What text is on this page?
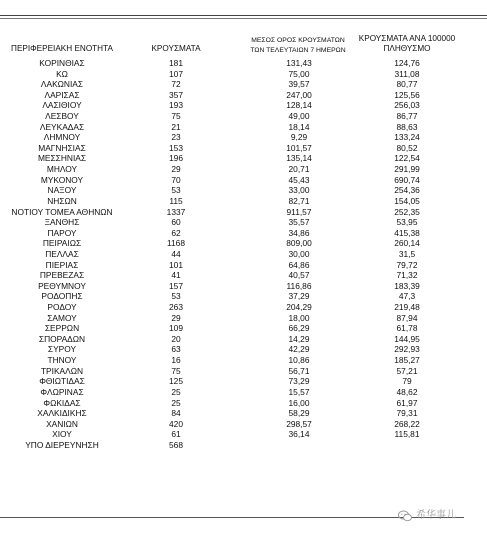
ΠΕΡΙΦΕΡΕΙΑΚΗ ΕΝΟΤΗΤΑ	ΚΡΟΥΣΜΑΤΑ
ΜΕΣΟΣ ΟΡΟΣ ΚΡΟΥΣΜΑΤΩΝ
ΤΩΝ ΤΕΛΕΥΤΑΙΩΝ 7 ΗΜΕΡΩΝ
ΚΡΟΥΣΜΑΤΑ ΑΝΑ 100000
ΠΛΗΘΥΣΜΟ
ΚΟΡΙΝΘΙΑΣ	181	131,43	124,76
ΚΩ	107	75,00	311,08
ΛΑΚΩΝΙΑΣ	72	39,57	80,77
ΛΑΡΙΣΑΣ	357	247,00	125,56
ΛΑΣΙΘΙΟΥ	193	128,14	256,03
ΛΕΣΒΟΥ	75	49,00	86,77
ΛΕΥΚΑΔΑΣ	21	18,14	88,63
ΛΗΜΝΟΥ	23	9,29	133,24
ΜΑΓΝΗΣΙΑΣ	153	101,57	80,52
ΜΕΣΣΗΝΙΑΣ	196	135,14	122,54
ΜΗΛΟΥ	29	20,71	291,99
ΜΥΚΟΝΟΥ	70	45,43	690,74
ΝΑΞΟΥ	53	33,00	254,36
ΝΗΣΩΝ	115	82,71	154,05
ΝΟΤΙΟΥ ΤΟΜΕΑ ΑΘΗΝΩΝ	1337	911,57	252,35
ΞΑΝΘΗΣ	60	35,57	53,95
ΠΑΡΟΥ	62	34,86	415,38
ΠΕΙΡΑΙΩΣ	1168	809,00	260,14
ΠΕΛΛΑΣ	44	30,00	31,5
ΠΙΕΡΙΑΣ	101	64,86	79,72
ΠΡΕΒΕΖΑΣ	41	40,57	71,32
ΡΕΘΥΜΝΟΥ	157	116,86	183,39
ΡΟΔΟΠΗΣ	53	37,29	47,3
ΡΟΔΟΥ	263	204,29	219,48
ΣΑΜΟΥ	29	18,00	87,94
ΣΕΡΡΩΝ	109	66,29	61,78
ΣΠΟΡΑΔΩΝ	20	14,29	144,95
ΣΥΡΟΥ	63	42,29	292,93
ΤΗΝΟΥ	16	10,86	185,27
ΤΡΙΚΑΛΩΝ	75	56,71	57,21
ΦΘΙΩΤΙΔΑΣ	125	73,29	79
ΦΛΩΡΙΝΑΣ	25	15,57	48,62
ΦΩΚΙΔΑΣ	25	16,00	61,97
ΧΑΛΚΙΔΙΚΗΣ	84	58,29	79,31
ΧΑΝΙΩΝ	420	298,57	268,22
ΧΙΟΥ	61	36,14	115,81
ΥΠΟ ΔΙΕΡΕΥΝΗΣΗ	568
希华事儿
